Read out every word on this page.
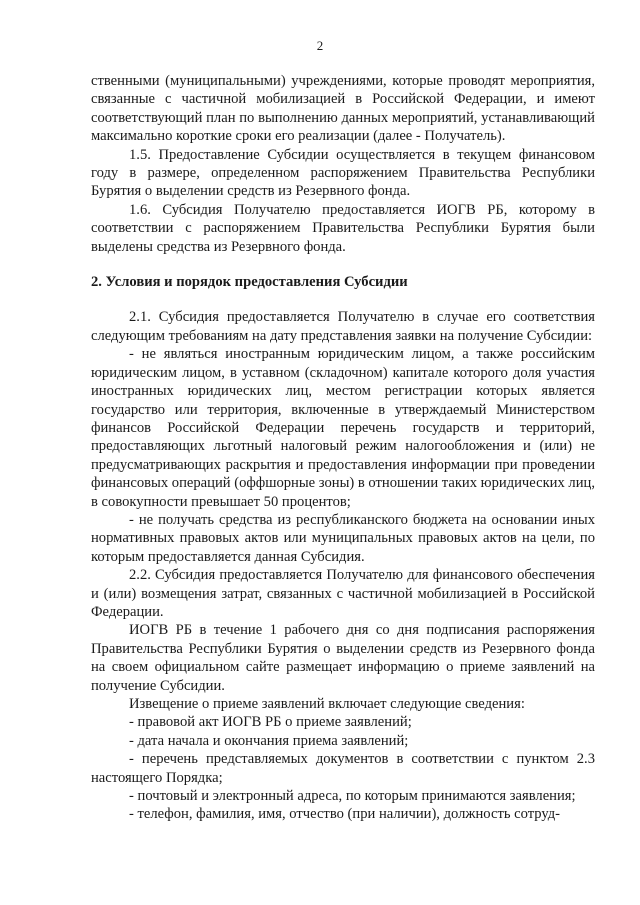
2

ственными (муниципальными) учреждениями, которые проводят мероприятия, связанные с частичной мобилизацией в Российской Федерации, и имеют соответствующий план по выполнению данных мероприятий, устанавливающий максимально короткие сроки его реализации (далее - Получатель).

1.5. Предоставление Субсидии осуществляется в текущем финансовом году в размере, определенном распоряжением Правительства Республики Бурятия о выделении средств из Резервного фонда.

1.6. Субсидия Получателю предоставляется ИОГВ РБ, которому в соответствии с распоряжением Правительства Республики Бурятия были выделены средства из Резервного фонда.

2. Условия и порядок предоставления Субсидии

2.1. Субсидия предоставляется Получателю в случае его соответствия следующим требованиям на дату представления заявки на получение Субсидии:

- не являться иностранным юридическим лицом, а также российским юридическим лицом, в уставном (складочном) капитале которого доля участия иностранных юридических лиц, местом регистрации которых является государство или территория, включенные в утверждаемый Министерством финансов Российской Федерации перечень государств и территорий, предоставляющих льготный налоговый режим налогообложения и (или) не предусматривающих раскрытия и предоставления информации при проведении финансовых операций (оффшорные зоны) в отношении таких юридических лиц, в совокупности превышает 50 процентов;

- не получать средства из республиканского бюджета на основании иных нормативных правовых актов или муниципальных правовых актов на цели, по которым предоставляется данная Субсидия.

2.2. Субсидия предоставляется Получателю для финансового обеспечения и (или) возмещения затрат, связанных с частичной мобилизацией в Российской Федерации.

ИОГВ РБ в течение 1 рабочего дня со дня подписания распоряжения Правительства Республики Бурятия о выделении средств из Резервного фонда на своем официальном сайте размещает информацию о приеме заявлений на получение Субсидии.

Извещение о приеме заявлений включает следующие сведения:

- правовой акт ИОГВ РБ о приеме заявлений;

- дата начала и окончания приема заявлений;

- перечень представляемых документов в соответствии с пунктом 2.3 настоящего Порядка;

- почтовый и электронный адреса, по которым принимаются заявления;

- телефон, фамилия, имя, отчество (при наличии), должность сотруд-
